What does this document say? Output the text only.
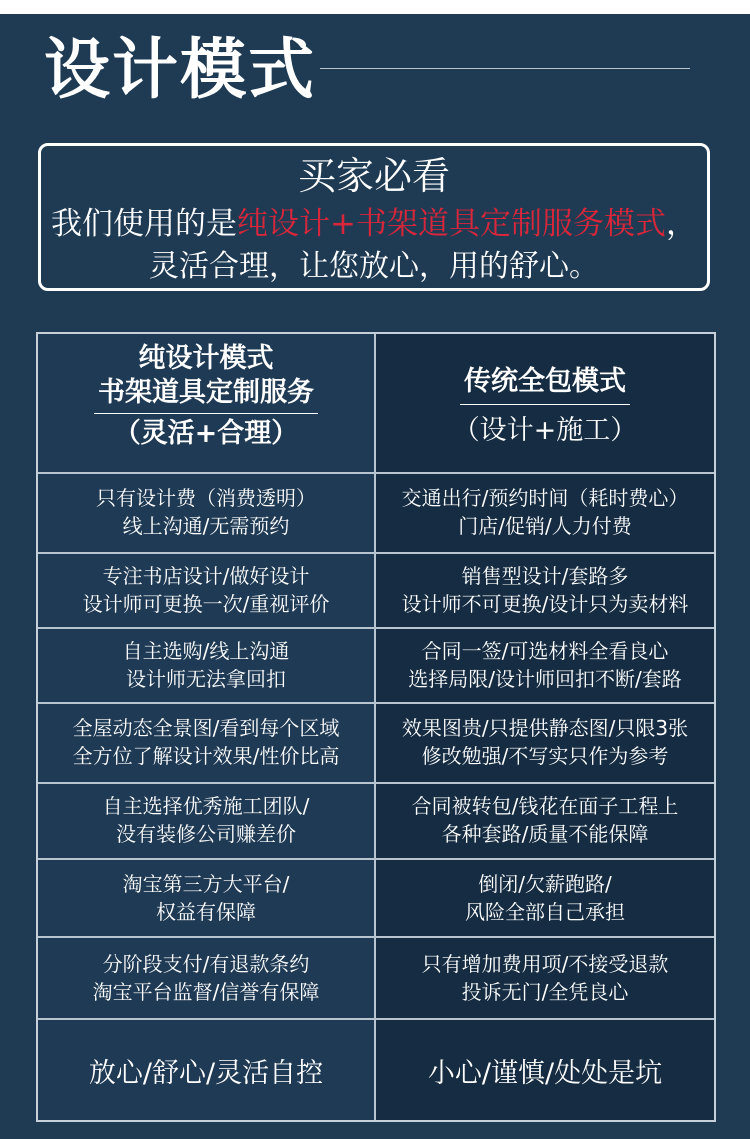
设计模式
买家必看
我们使用的是纯设计+书架道具定制服务模式，
灵活合理，让您放心，用的舒心。
纯设计模式
书架道具定制服务
（灵活+合理）
传统全包模式
（设计+施工）
只有设计费（消费透明）
线上沟通/无需预约
交通出行/预约时间（耗时费心）
门店/促销/人力付费
专注书店设计/做好设计
设计师可更换一次/重视评价
销售型设计/套路多
设计师不可更换/设计只为卖材料
自主选购/线上沟通
设计师无法拿回扣
合同一签/可选材料全看良心
选择局限/设计师回扣不断/套路
全屋动态全景图/看到每个区域
全方位了解设计效果/性价比高
效果图贵/只提供静态图/只限3张
修改勉强/不写实只作为参考
自主选择优秀施工团队/
没有装修公司赚差价
合同被转包/钱花在面子工程上
各种套路/质量不能保障
淘宝第三方大平台/
权益有保障
倒闭/欠薪跑路/
风险全部自己承担
分阶段支付/有退款条约
淘宝平台监督/信誉有保障
只有增加费用项/不接受退款
投诉无门/全凭良心
放心/舒心/灵活自控	小心/谨慎/处处是坑
